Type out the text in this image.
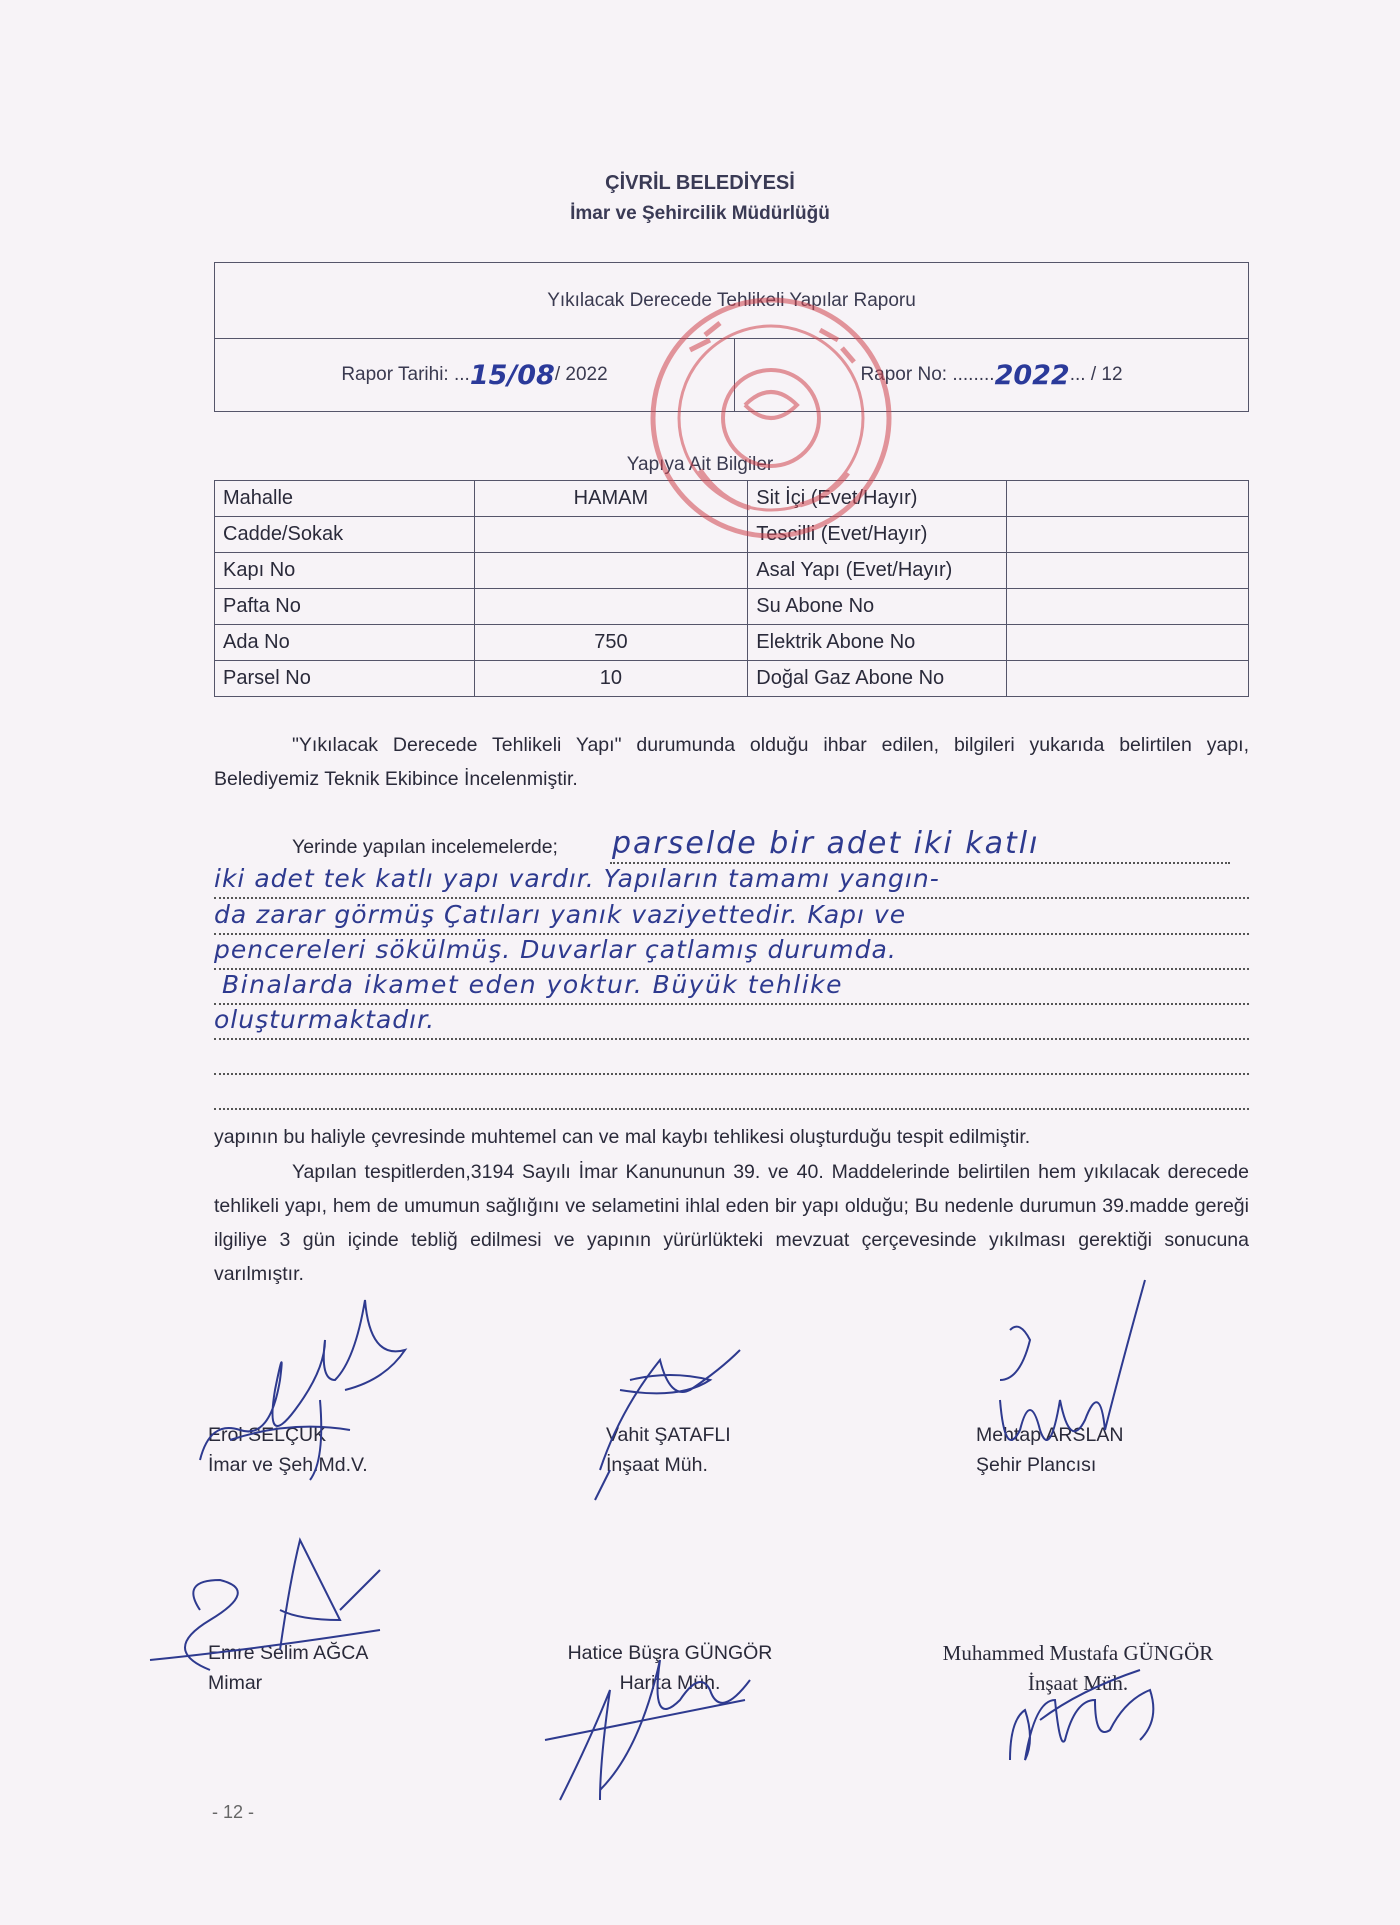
ÇİVRİL BELEDİYESİ
İmar ve Şehircilik Müdürlüğü
Yıkılacak Derecede Tehlikeli Yapılar Raporu
Rapor Tarihi: ... 15/08 / 2022	Rapor No: ........ 2022 ... / 12
Yapıya Ait Bilgiler
Mahalle	HAMAM	Sit İçi (Evet/Hayır)	
Cadde/Sokak		Tescilli (Evet/Hayır)	
Kapı No		Asal Yapı (Evet/Hayır)	
Pafta No		Su Abone No	
Ada No	750	Elektrik Abone No	
Parsel No	10	Doğal Gaz Abone No	
"Yıkılacak Derecede Tehlikeli Yapı" durumunda olduğu ihbar edilen, bilgileri yukarıda belirtilen yapı, Belediyemiz Teknik Ekibince İncelenmiştir.
Yerinde yapılan incelemelerde; parselde bir adet iki katlı
iki adet tek katlı yapı vardır. Yapıların tamamı yangın-
da zarar görmüş Çatıları yanık vaziyettedir. Kapı ve
pencereleri sökülmüş. Duvarlar çatlamış durumda.
Binalarda ikamet eden yoktur. Büyük tehlike
oluşturmaktadır.
yapının bu haliyle çevresinde muhtemel can ve mal kaybı tehlikesi oluşturduğu tespit edilmiştir.
Yapılan tespitlerden,3194 Sayılı İmar Kanununun 39. ve 40. Maddelerinde belirtilen hem yıkılacak derecede tehlikeli yapı, hem de umumun sağlığını ve selametini ihlal eden bir yapı olduğu; Bu nedenle durumun 39.madde gereği ilgiliye 3 gün içinde tebliğ edilmesi ve yapının yürürlükteki mevzuat çerçevesinde yıkılması gerektiği sonucuna varılmıştır.
Erol SELÇUK
İmar ve Şeh.Md.V.
Vahit ŞATAFLI
İnşaat Müh.
Mehtap ARSLAN
Şehir Plancısı
Emre Selim AĞCA
Mimar
Hatice Büşra GÜNGÖR
Harita Müh.
Muhammed Mustafa GÜNGÖR
İnşaat Müh.
- 12 -
